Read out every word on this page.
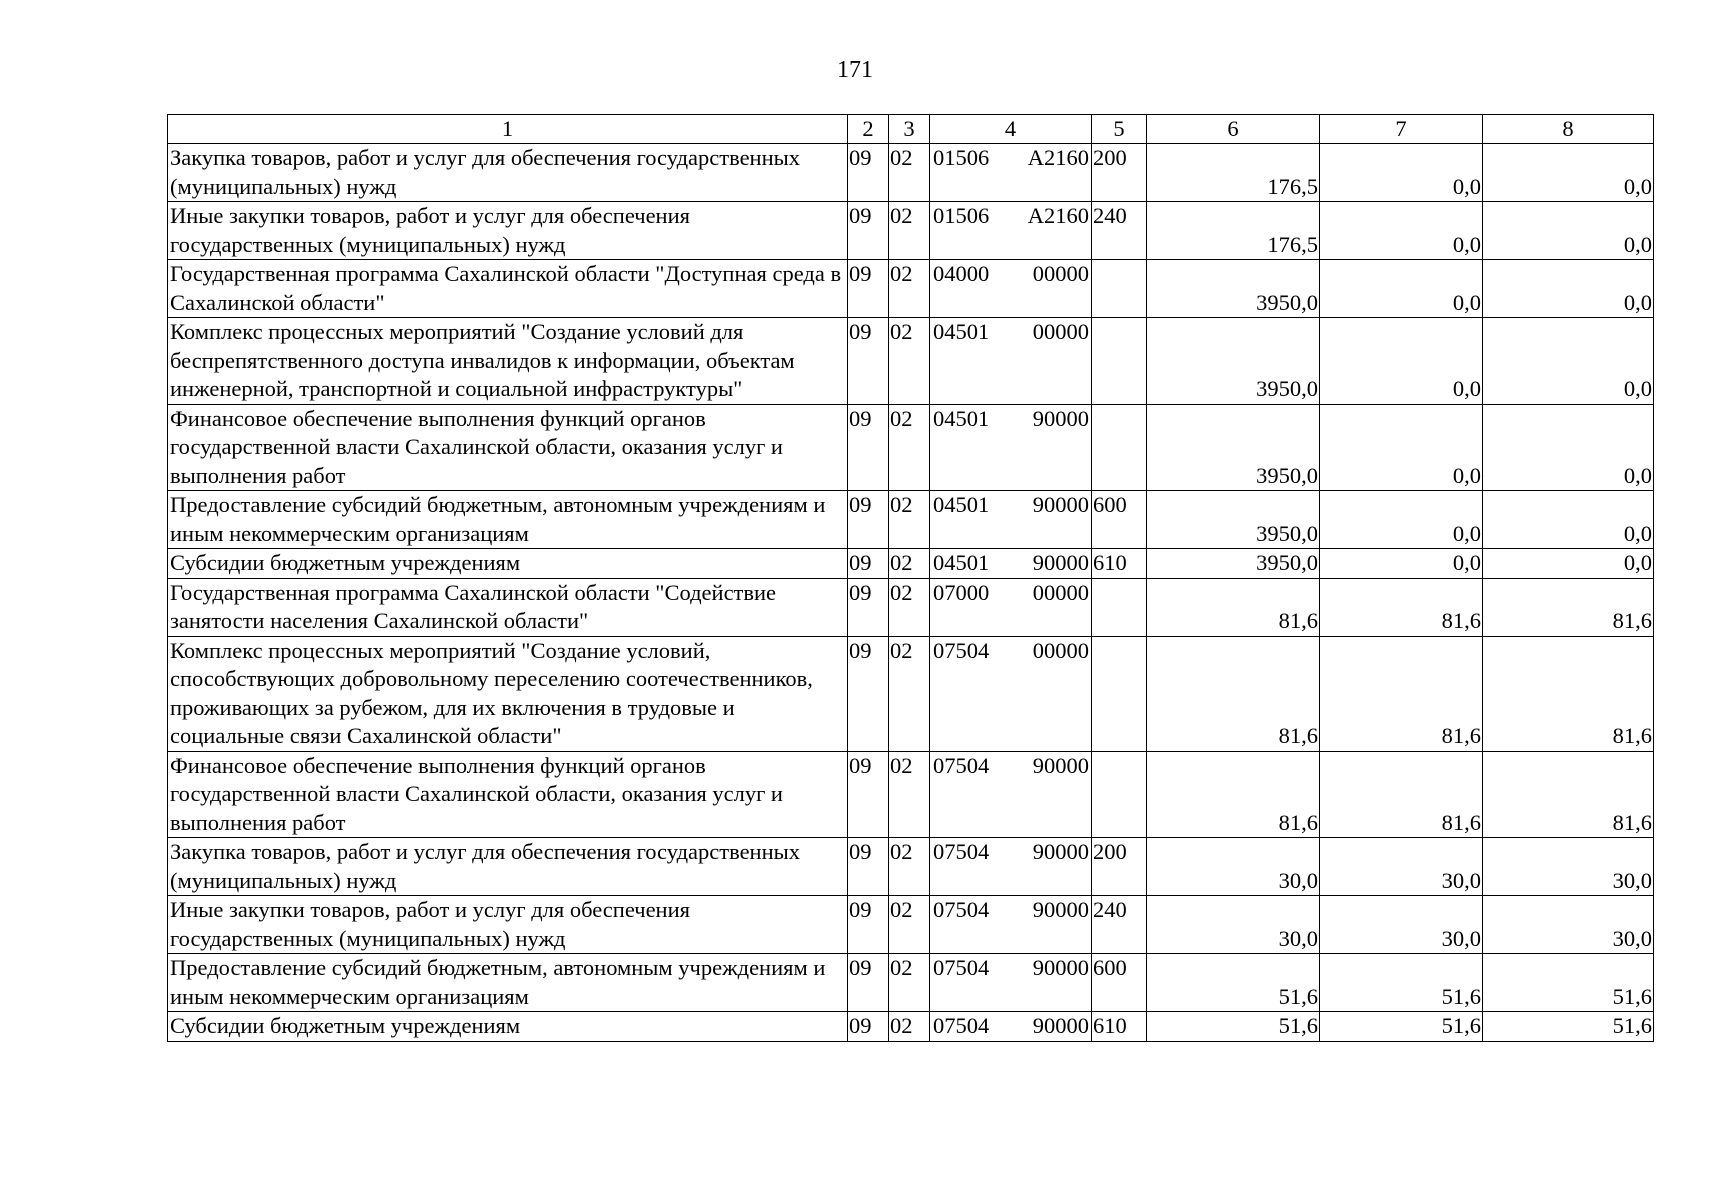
171
1	2	3	4	5	6	7	8
Закупка товаров, работ и услуг для обеспечения государственных (муниципальных) нужд	09	02	01506 A2160	200	176,5	0,0	0,0
Иные закупки товаров, работ и услуг для обеспечения государственных (муниципальных) нужд	09	02	01506 A2160	240	176,5	0,0	0,0
Государственная программа Сахалинской области "Доступная среда в Сахалинской области"	09	02	04000 00000		3950,0	0,0	0,0
Комплекс процессных мероприятий "Создание условий для беспрепятственного доступа инвалидов к информации, объектам инженерной, транспортной и социальной инфраструктуры"	09	02	04501 00000		3950,0	0,0	0,0
Финансовое обеспечение выполнения функций органов государственной власти Сахалинской области, оказания услуг и выполнения работ	09	02	04501 90000		3950,0	0,0	0,0
Предоставление субсидий бюджетным, автономным учреждениям и иным некоммерческим организациям	09	02	04501 90000	600	3950,0	0,0	0,0
Субсидии бюджетным учреждениям	09	02	04501 90000	610	3950,0	0,0	0,0
Государственная программа Сахалинской области "Содействие занятости населения Сахалинской области"	09	02	07000 00000		81,6	81,6	81,6
Комплекс процессных мероприятий "Создание условий, способствующих добровольному переселению соотечественников, проживающих за рубежом, для их включения в трудовые и социальные связи Сахалинской области"	09	02	07504 00000		81,6	81,6	81,6
Финансовое обеспечение выполнения функций органов государственной власти Сахалинской области, оказания услуг и выполнения работ	09	02	07504 90000		81,6	81,6	81,6
Закупка товаров, работ и услуг для обеспечения государственных (муниципальных) нужд	09	02	07504 90000	200	30,0	30,0	30,0
Иные закупки товаров, работ и услуг для обеспечения государственных (муниципальных) нужд	09	02	07504 90000	240	30,0	30,0	30,0
Предоставление субсидий бюджетным, автономным учреждениям и иным некоммерческим организациям	09	02	07504 90000	600	51,6	51,6	51,6
Субсидии бюджетным учреждениям	09	02	07504 90000	610	51,6	51,6	51,6
